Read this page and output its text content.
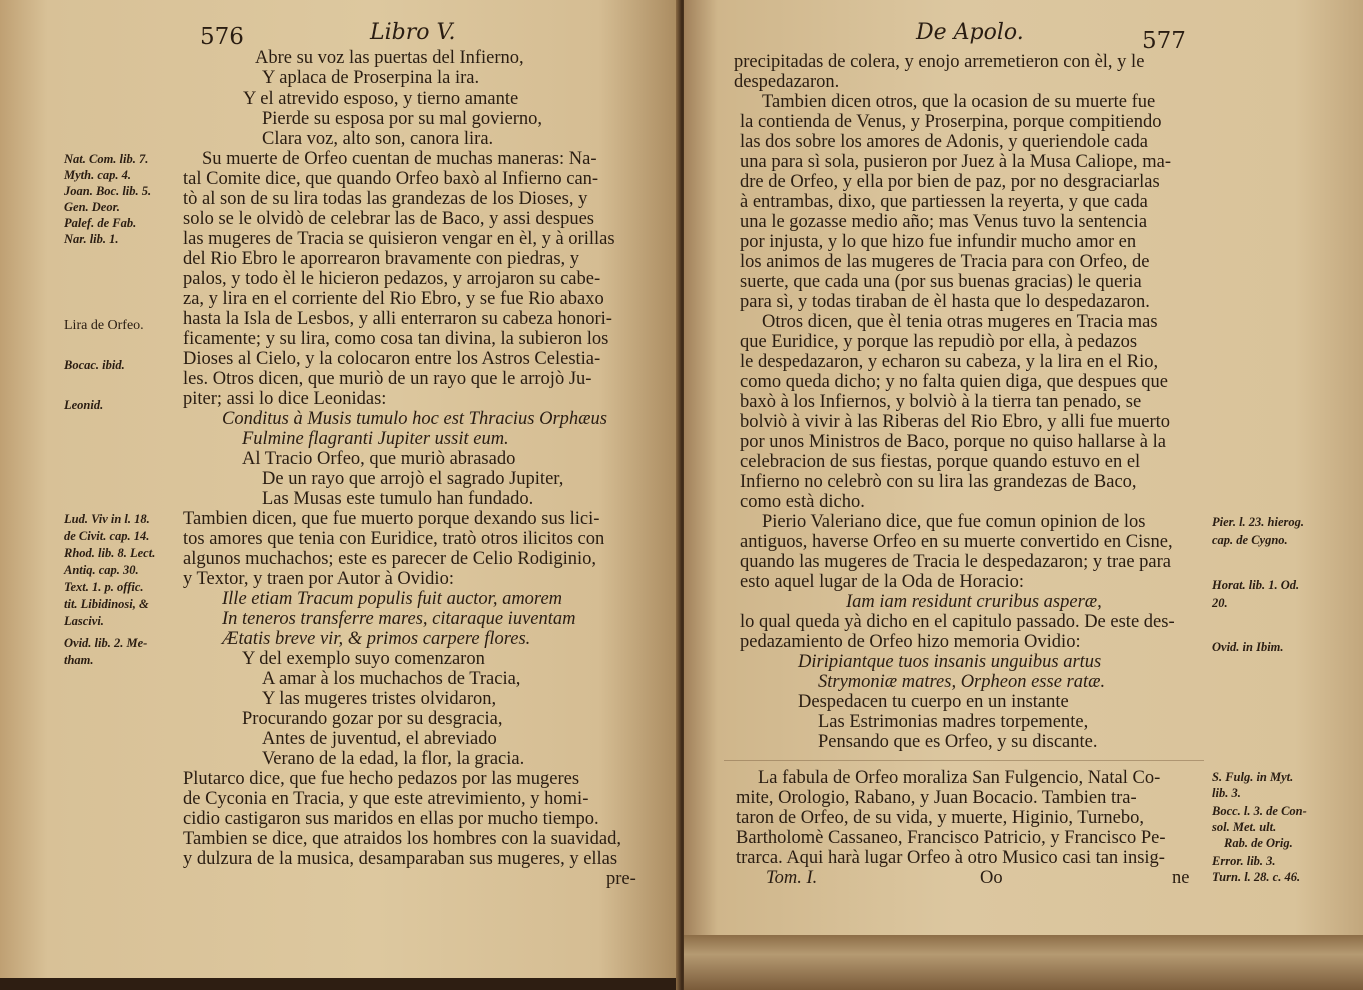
576	Libro V.
Abre su voz las puertas del Infierno,
Y aplaca de Proserpina la ira.
Y el atrevido esposo, y tierno amante
Pierde su esposa por su mal govierno,
Clara voz, alto son, canora lira.
Su muerte de Orfeo cuentan de muchas maneras: Na-
tal Comite dice, que quando Orfeo baxò al Infierno can-
tò al son de su lira todas las grandezas de los Dioses, y
solo se le olvidò de celebrar las de Baco, y assi despues
las mugeres de Tracia se quisieron vengar en èl, y à orillas
del Rio Ebro le aporrearon bravamente con piedras, y
palos, y todo èl le hicieron pedazos, y arrojaron su cabe-
za, y lira en el corriente del Rio Ebro, y se fue Rio abaxo
hasta la Isla de Lesbos, y alli enterraron su cabeza honori-
ficamente; y su lira, como cosa tan divina, la subieron los
Dioses al Cielo, y la colocaron entre los Astros Celestia-
les. Otros dicen, que muriò de un rayo que le arrojò Ju-
piter; assi lo dice Leonidas:
Conditus à Musis tumulo hoc est Thracius Orphæus
Fulmine flagranti Jupiter ussit eum.
Al Tracio Orfeo, que muriò abrasado
De un rayo que arrojò el sagrado Jupiter,
Las Musas este tumulo han fundado.
Tambien dicen, que fue muerto porque dexando sus lici-
tos amores que tenia con Euridice, tratò otros ilicitos con
algunos muchachos; este es parecer de Celio Rodiginio,
y Textor, y traen por Autor à Ovidio:
Ille etiam Tracum populis fuit auctor, amorem
In teneros transferre mares, citaraque iuventam
Ætatis breve vir, & primos carpere flores.
Y del exemplo suyo comenzaron
A amar à los muchachos de Tracia,
Y las mugeres tristes olvidaron,
Procurando gozar por su desgracia,
Antes de juventud, el abreviado
Verano de la edad, la flor, la gracia.
Plutarco dice, que fue hecho pedazos por las mugeres
de Cyconia en Tracia, y que este atrevimiento, y homi-
cidio castigaron sus maridos en ellas por mucho tiempo.
Tambien se dice, que atraidos los hombres con la suavidad,
y dulzura de la musica, desamparaban sus mugeres, y ellas
pre-
Nat. Com. lib. 7.
Myth. cap. 4.
Joan. Boc. lib. 5.
Gen. Deor.
Palef. de Fab.
Nar. lib. 1.
Lira de Orfeo.
Bocac. ibid.
Leonid.
Lud. Viv in l. 18.
de Civit. cap. 14.
Rhod. lib. 8. Lect.
Antiq. cap. 30.
Text. 1. p. offic.
tit. Libidinosi, &
Lascivi.
Ovid. lib. 2. Me-
tham.
De Apolo.	577
precipitadas de colera, y enojo arremetieron con èl, y le
despedazaron.
Tambien dicen otros, que la ocasion de su muerte fue
la contienda de Venus, y Proserpina, porque compitiendo
las dos sobre los amores de Adonis, y queriendole cada
una para sì sola, pusieron por Juez à la Musa Caliope, ma-
dre de Orfeo, y ella por bien de paz, por no desgraciarlas
à entrambas, dixo, que partiessen la reyerta, y que cada
una le gozasse medio año; mas Venus tuvo la sentencia
por injusta, y lo que hizo fue infundir mucho amor en
los animos de las mugeres de Tracia para con Orfeo, de
suerte, que cada una (por sus buenas gracias) le queria
para sì, y todas tiraban de èl hasta que lo despedazaron.
Otros dicen, que èl tenia otras mugeres en Tracia mas
que Euridice, y porque las repudiò por ella, à pedazos
le despedazaron, y echaron su cabeza, y la lira en el Rio,
como queda dicho; y no falta quien diga, que despues que
baxò à los Infiernos, y bolviò à la tierra tan penado, se
bolviò à vivir à las Riberas del Rio Ebro, y alli fue muerto
por unos Ministros de Baco, porque no quiso hallarse à la
celebracion de sus fiestas, porque quando estuvo en el
Infierno no celebrò con su lira las grandezas de Baco,
como està dicho.
Pierio Valeriano dice, que fue comun opinion de los
antiguos, haverse Orfeo en su muerte convertido en Cisne,
quando las mugeres de Tracia le despedazaron; y trae para
esto aquel lugar de la Oda de Horacio:
Iam iam residunt cruribus asperæ,
lo qual queda yà dicho en el capitulo passado. De este des-
pedazamiento de Orfeo hizo memoria Ovidio:
Diripiantque tuos insanis unguibus artus
Strymoniæ matres, Orpheon esse ratæ.
Despedacen tu cuerpo en un instante
Las Estrimonias madres torpemente,
Pensando que es Orfeo, y su discante.
La fabula de Orfeo moraliza San Fulgencio, Natal Co-
mite, Orologio, Rabano, y Juan Bocacio. Tambien tra-
taron de Orfeo, de su vida, y muerte, Higinio, Turnebo,
Bartholomè Cassaneo, Francisco Patricio, y Francisco Pe-
trarca. Aqui harà lugar Orfeo à otro Musico casi tan insig-
Tom. I.	Oo	ne
Pier. l. 23. hierog.
cap. de Cygno.
Horat. lib. 1. Od.
20.
Ovid. in Ibim.
S. Fulg. in Myt.
lib. 3.
Bocc. l. 3. de Con-
sol. Met. ult.
Rab. de Orig.
Error. lib. 3.
Turn. l. 28. c. 46.
